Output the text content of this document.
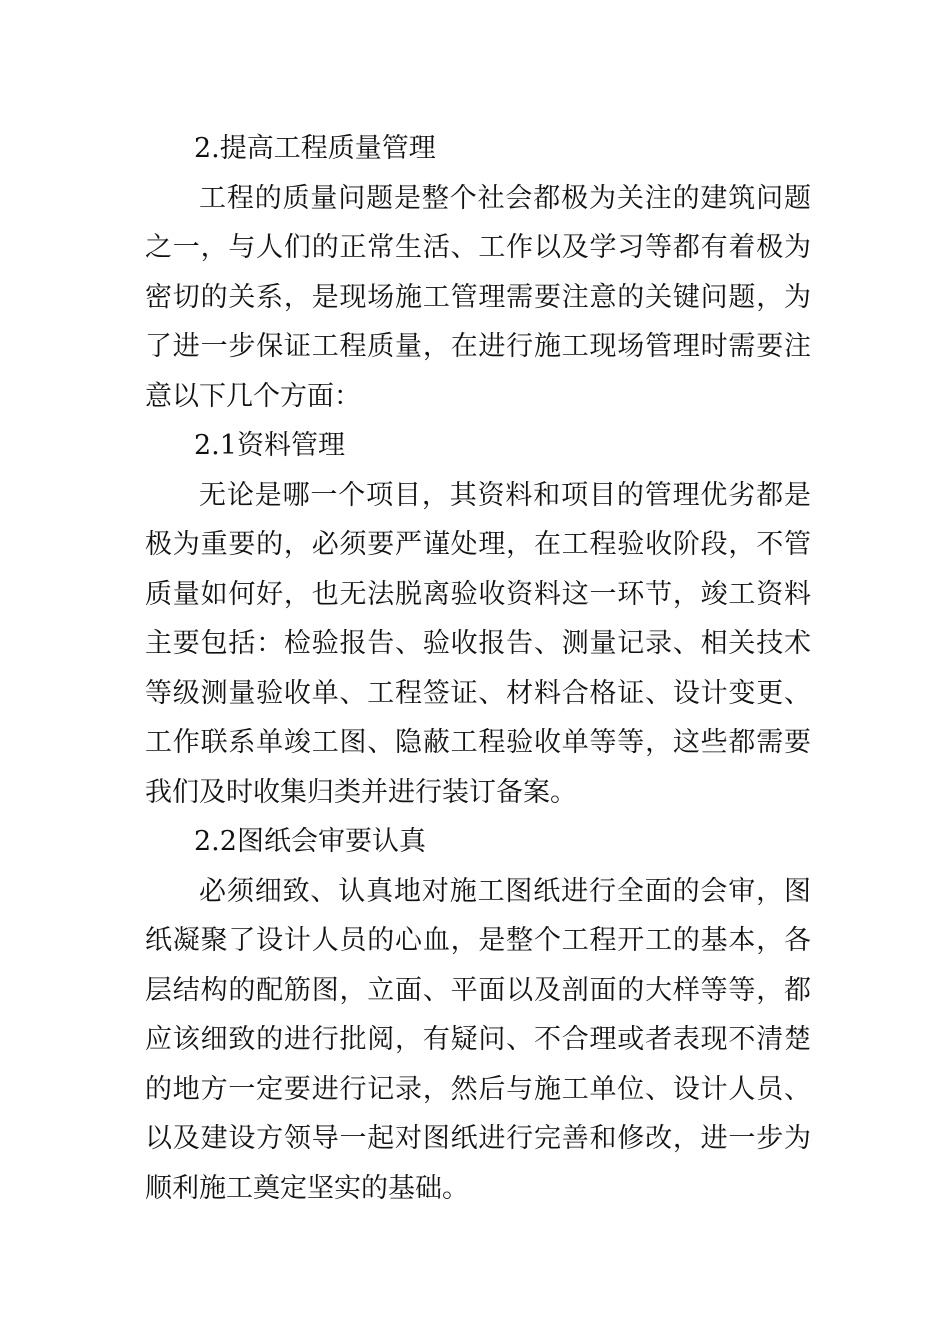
2.提高工程质量管理

工程的质量问题是整个社会都极为关注的建筑问题之一，与人们的正常生活、工作以及学习等都有着极为密切的关系，是现场施工管理需要注意的关键问题，为了进一步保证工程质量，在进行施工现场管理时需要注意以下几个方面：

2.1资料管理

无论是哪一个项目，其资料和项目的管理优劣都是极为重要的，必须要严谨处理，在工程验收阶段，不管质量如何好，也无法脱离验收资料这一环节，竣工资料主要包括：检验报告、验收报告、测量记录、相关技术等级测量验收单、工程签证、材料合格证、设计变更、工作联系单竣工图、隐蔽工程验收单等等，这些都需要我们及时收集归类并进行装订备案。

2.2图纸会审要认真

必须细致、认真地对施工图纸进行全面的会审，图纸凝聚了设计人员的心血，是整个工程开工的基本，各层结构的配筋图，立面、平面以及剖面的大样等等，都应该细致的进行批阅，有疑问、不合理或者表现不清楚的地方一定要进行记录，然后与施工单位、设计人员、以及建设方领导一起对图纸进行完善和修改，进一步为顺利施工奠定坚实的基础。
